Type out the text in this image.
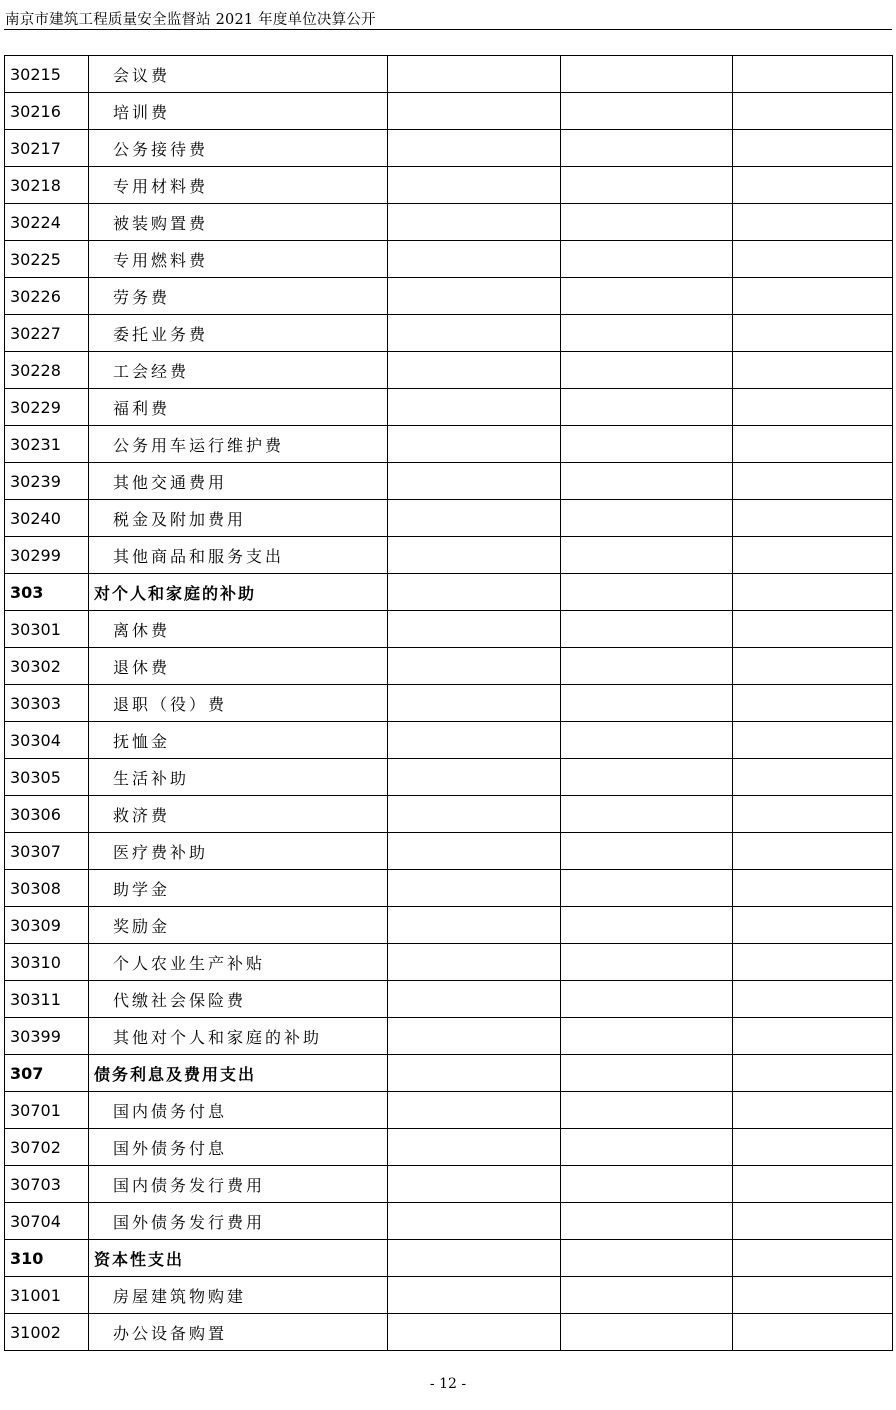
南京市建筑工程质量安全监督站 2021 年度单位决算公开
30215	会议费			
30216	培训费			
30217	公务接待费			
30218	专用材料费			
30224	被装购置费			
30225	专用燃料费			
30226	劳务费			
30227	委托业务费			
30228	工会经费			
30229	福利费			
30231	公务用车运行维护费			
30239	其他交通费用			
30240	税金及附加费用			
30299	其他商品和服务支出			
303	对个人和家庭的补助			
30301	离休费			
30302	退休费			
30303	退职（役）费			
30304	抚恤金			
30305	生活补助			
30306	救济费			
30307	医疗费补助			
30308	助学金			
30309	奖励金			
30310	个人农业生产补贴			
30311	代缴社会保险费			
30399	其他对个人和家庭的补助			
307	债务利息及费用支出			
30701	国内债务付息			
30702	国外债务付息			
30703	国内债务发行费用			
30704	国外债务发行费用			
310	资本性支出			
31001	房屋建筑物购建			
31002	办公设备购置			
- 12 -
